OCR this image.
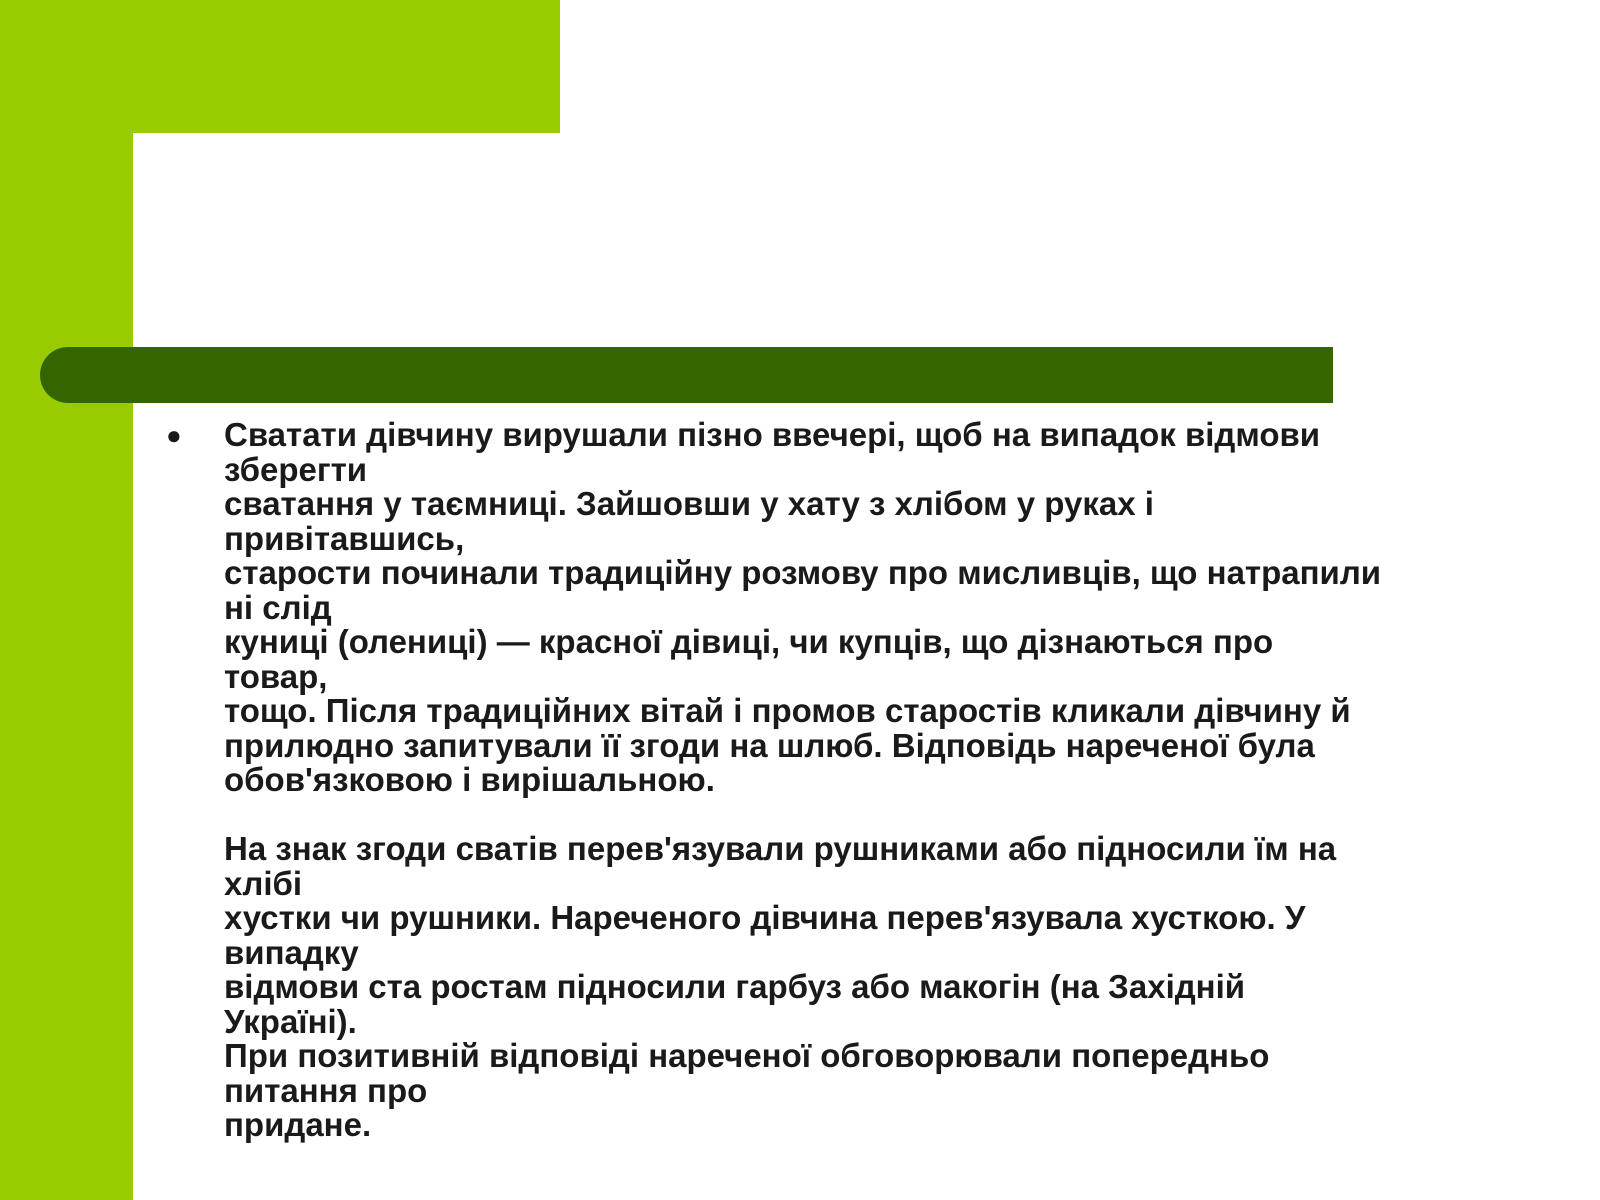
● Сватати дівчину вирушали пізно ввечері, щоб на випадок відмови
зберегти
сватання у таємниці. Зайшовши у хату з хлібом у руках і
привітавшись,
старости починали традиційну розмову про мисливців, що натрапили
ні слід
куниці (олениці) — красної дівиці, чи купців, що дізнаються про
товар,
тощо. Після традиційних вітай і промов старостів кликали дівчину й
прилюдно запитували її згоди на шлюб. Відповідь нареченої була
обов'язковою і вирішальною.
На знак згоди сватів перев'язували рушниками або підносили їм на
хлібі
хустки чи рушники. Нареченого дівчина перев'язувала хусткою. У
випадку
відмови ста ростам підносили гарбуз або макогін (на Західній
Україні).
При позитивній відповіді нареченої обговорювали попередньо
питання про
придане.
